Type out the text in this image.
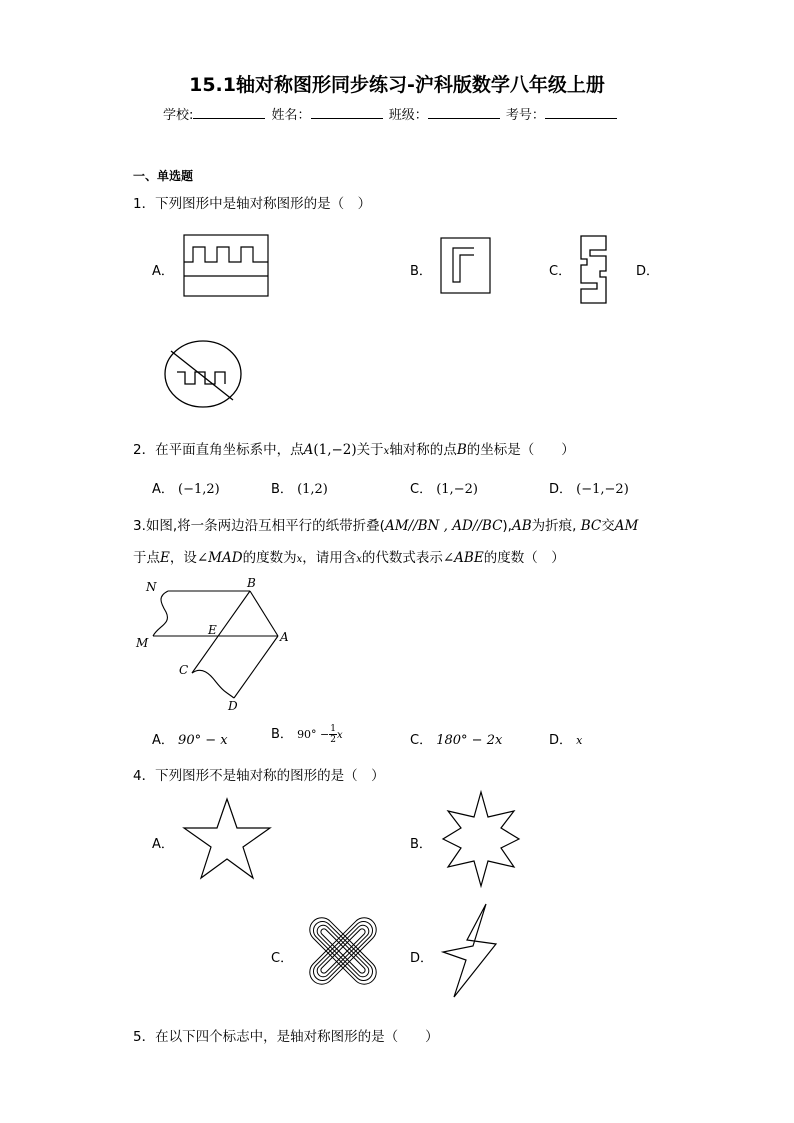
15.1轴对称图形同步练习-沪科版数学八年级上册
学校:	姓名：	班级：	考号：
一、单选题
1．下列图形中是轴对称图形的是（　）
A．	B．	C．	D．
2．在平面直角坐标系中，点A(1,−2)关于x轴对称的点B的坐标是（　　）
A． (−1,2)	B． (1,2)	C． (1,−2)	D． (−1,−2)
3.如图,将一条两边沿互相平行的纸带折叠(AM//BN , AD//BC),AB为折痕, BC交AM
于点E，设∠MAD的度数为x，请用含x的代数式表示∠ABE的度数（　）
N	B
M
E	A
C
D
A． 90° − x	B． $90^\circ - \frac{1}{2}$ x	C． 180° − 2x	D． x
4．下列图形不是轴对称的图形的是（　）
A．	B．
C．	D．
5．在以下四个标志中，是轴对称图形的是（　　）
